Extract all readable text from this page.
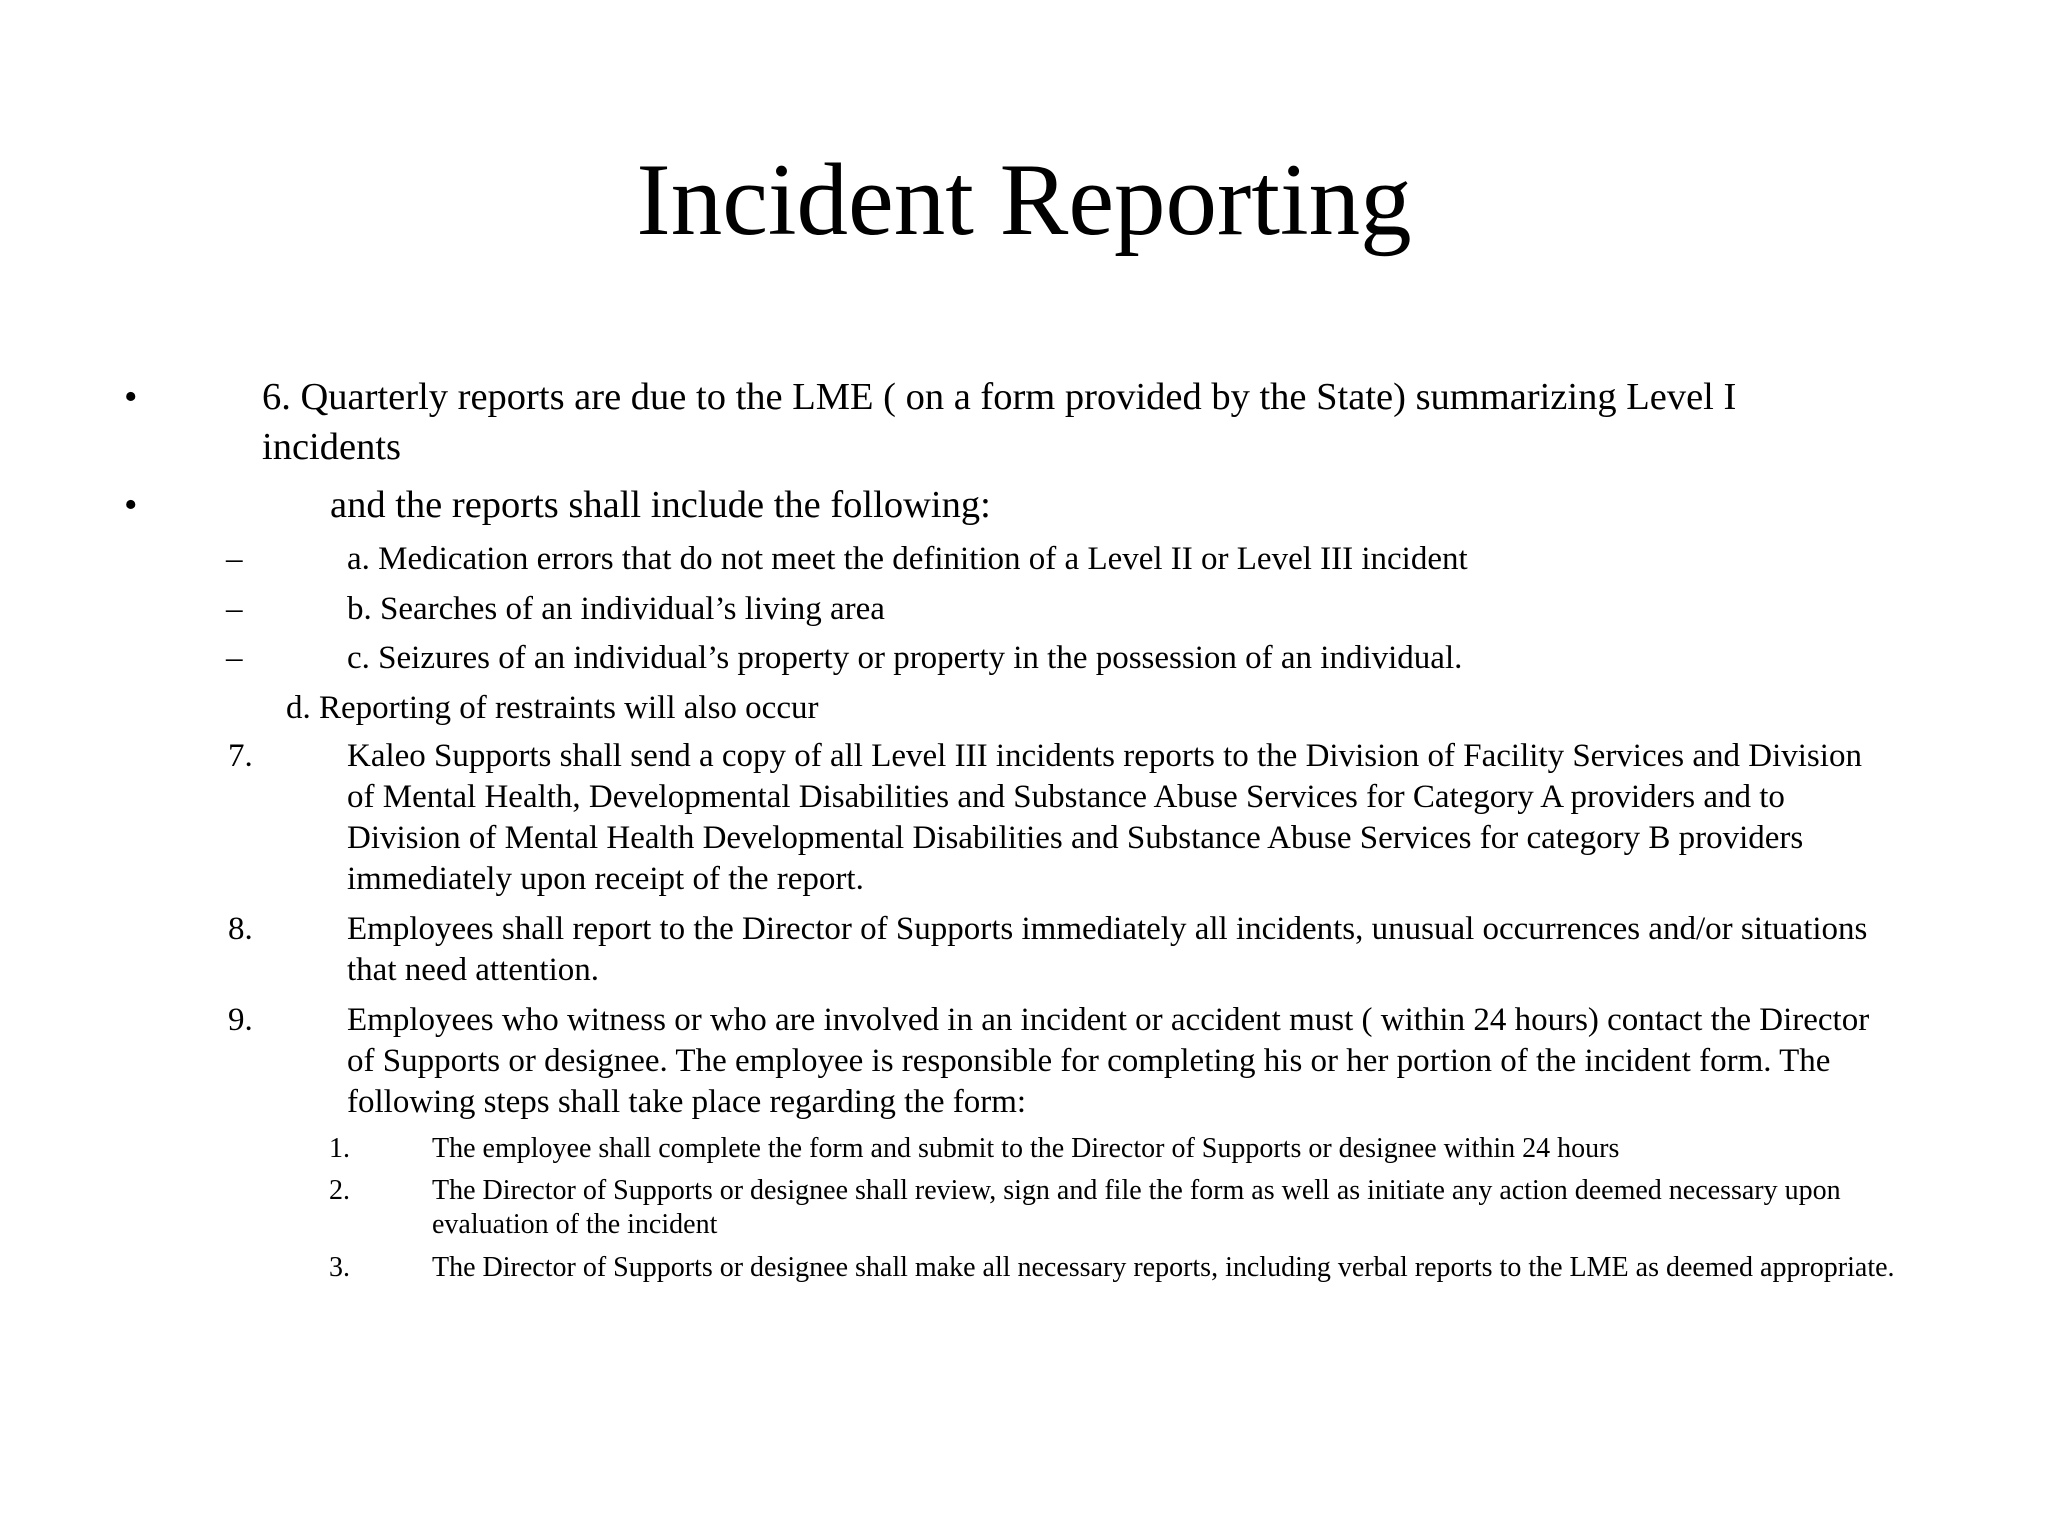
Incident Reporting
•	6. Quarterly reports are due to the LME ( on a form provided by the State) summarizing Level I
incidents
•	and the reports shall include the following:
–	a. Medication errors that do not meet the definition of a Level II or Level III incident
–	b. Searches of an individual’s living area
–	c. Seizures of an individual’s property or property in the possession of an individual.
d. Reporting of restraints will also occur
7.	Kaleo Supports shall send a copy of all Level III incidents reports to the Division of Facility Services and Division
of Mental Health, Developmental Disabilities and Substance Abuse Services for Category A providers and to
Division of Mental Health Developmental Disabilities and Substance Abuse Services for category B providers
immediately upon receipt of the report.
8.	Employees shall report to the Director of Supports immediately all incidents, unusual occurrences and/or situations
that need attention.
9.	Employees who witness or who are involved in an incident or accident must ( within 24 hours) contact the Director
of Supports or designee. The employee is responsible for completing his or her portion of the incident form. The
following steps shall take place regarding the form:
1.	The employee shall complete the form and submit to the Director of Supports or designee within 24 hours
2.	The Director of Supports or designee shall review, sign and file the form as well as initiate any action deemed necessary upon
evaluation of the incident
3.	The Director of Supports or designee shall make all necessary reports, including verbal reports to the LME as deemed appropriate.
